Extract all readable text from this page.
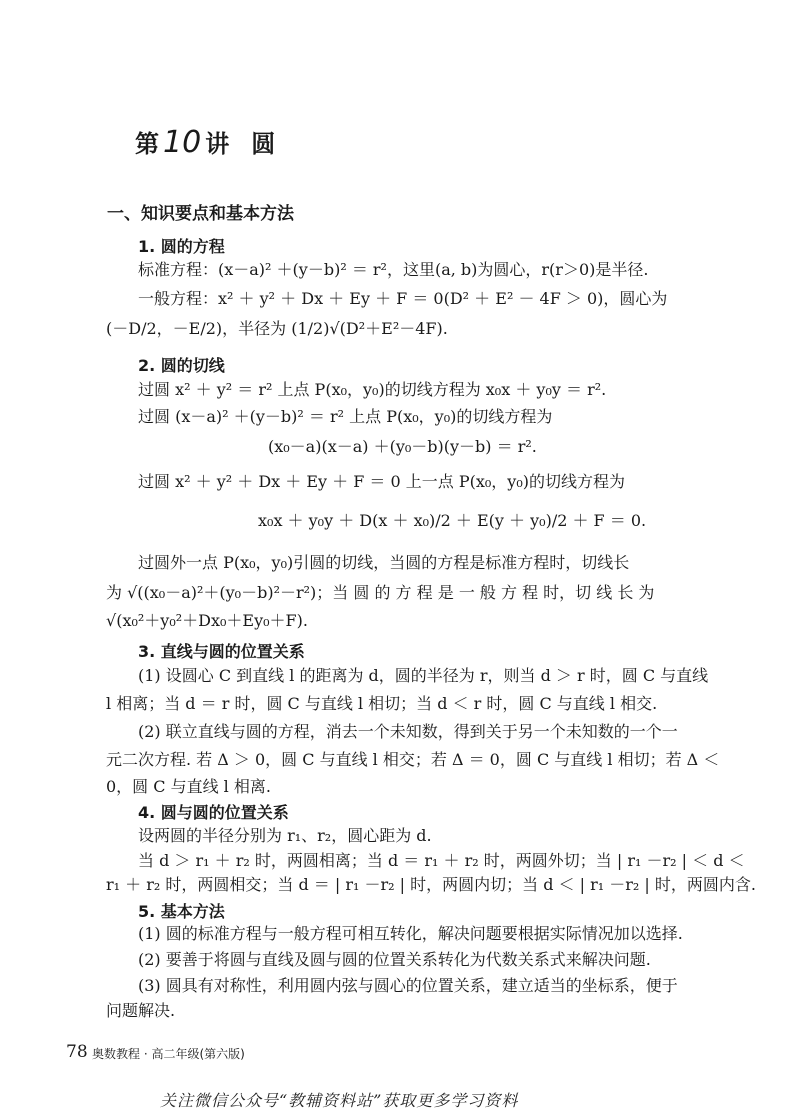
第 10 讲 圆
一、知识要点和基本方法
1. 圆的方程
标准方程：(x－a)² ＋(y－b)² ＝ r²，这里(a, b)为圆心，r(r＞0)是半径.
一般方程：x² ＋ y² ＋ Dx ＋ Ey ＋ F ＝ 0(D² ＋ E² － 4F ＞ 0)，圆心为
(－D/2，－E/2)，半径为 (1/2)√(D²＋E²－4F).
2. 圆的切线
过圆 x² ＋ y² ＝ r² 上点 P(x₀，y₀)的切线方程为 x₀x ＋ y₀y ＝ r².
过圆 (x－a)² ＋(y－b)² ＝ r² 上点 P(x₀，y₀)的切线方程为
(x₀－a)(x－a) ＋(y₀－b)(y－b) ＝ r².
过圆 x² ＋ y² ＋ Dx ＋ Ey ＋ F ＝ 0 上一点 P(x₀，y₀)的切线方程为
x₀x ＋ y₀y ＋ D(x ＋ x₀)/2 ＋ E(y ＋ y₀)/2 ＋ F ＝ 0.
过圆外一点 P(x₀，y₀)引圆的切线，当圆的方程是标准方程时，切线长
为 √((x₀－a)²＋(y₀－b)²－r²)；当 圆 的 方 程 是 一 般 方 程 时，切 线 长 为
√(x₀²＋y₀²＋Dx₀＋Ey₀＋F).
3. 直线与圆的位置关系
(1) 设圆心 C 到直线 l 的距离为 d，圆的半径为 r，则当 d ＞ r 时，圆 C 与直线
l 相离；当 d ＝ r 时，圆 C 与直线 l 相切；当 d ＜ r 时，圆 C 与直线 l 相交.
(2) 联立直线与圆的方程，消去一个未知数，得到关于另一个未知数的一个一
元二次方程. 若 Δ ＞ 0，圆 C 与直线 l 相交；若 Δ ＝ 0，圆 C 与直线 l 相切；若 Δ ＜
0，圆 C 与直线 l 相离.
4. 圆与圆的位置关系
设两圆的半径分别为 r₁、r₂，圆心距为 d.
当 d ＞ r₁ ＋ r₂ 时，两圆相离；当 d ＝ r₁ ＋ r₂ 时，两圆外切；当 | r₁ －r₂ | ＜ d ＜
r₁ ＋ r₂ 时，两圆相交；当 d ＝ | r₁ －r₂ | 时，两圆内切；当 d ＜ | r₁ －r₂ | 时，两圆内含.
5. 基本方法
(1) 圆的标准方程与一般方程可相互转化，解决问题要根据实际情况加以选择.
(2) 要善于将圆与直线及圆与圆的位置关系转化为代数关系式来解决问题.
(3) 圆具有对称性，利用圆内弦与圆心的位置关系，建立适当的坐标系，便于
问题解决.
78 奥数教程 · 高二年级(第六版)
关注微信公众号“教辅资料站”获取更多学习资料
